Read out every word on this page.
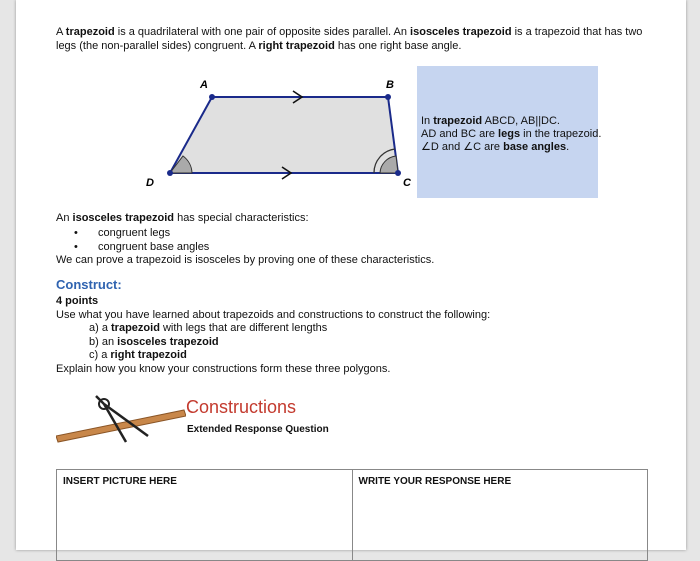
A trapezoid is a quadrilateral with one pair of opposite sides parallel. An isosceles trapezoid is a trapezoid that has two legs (the non-parallel sides) congruent. A right trapezoid has one right base angle.
A	B
C
D
In trapezoid ABCD, AB||DC.
AD and BC are legs in the trapezoid.
∠D and ∠C are base angles.
An isosceles trapezoid has special characteristics:
•	congruent legs
•	congruent base angles
We can prove a trapezoid is isosceles by proving one of these characteristics.
Construct:
4 points
Use what you have learned about trapezoids and constructions to construct the following:
a) a trapezoid with legs that are different lengths
b) an isosceles trapezoid
c) a right trapezoid
Explain how you know your constructions form these three polygons.
Constructions
Extended Response Question
INSERT PICTURE HERE	WRITE YOUR RESPONSE HERE
